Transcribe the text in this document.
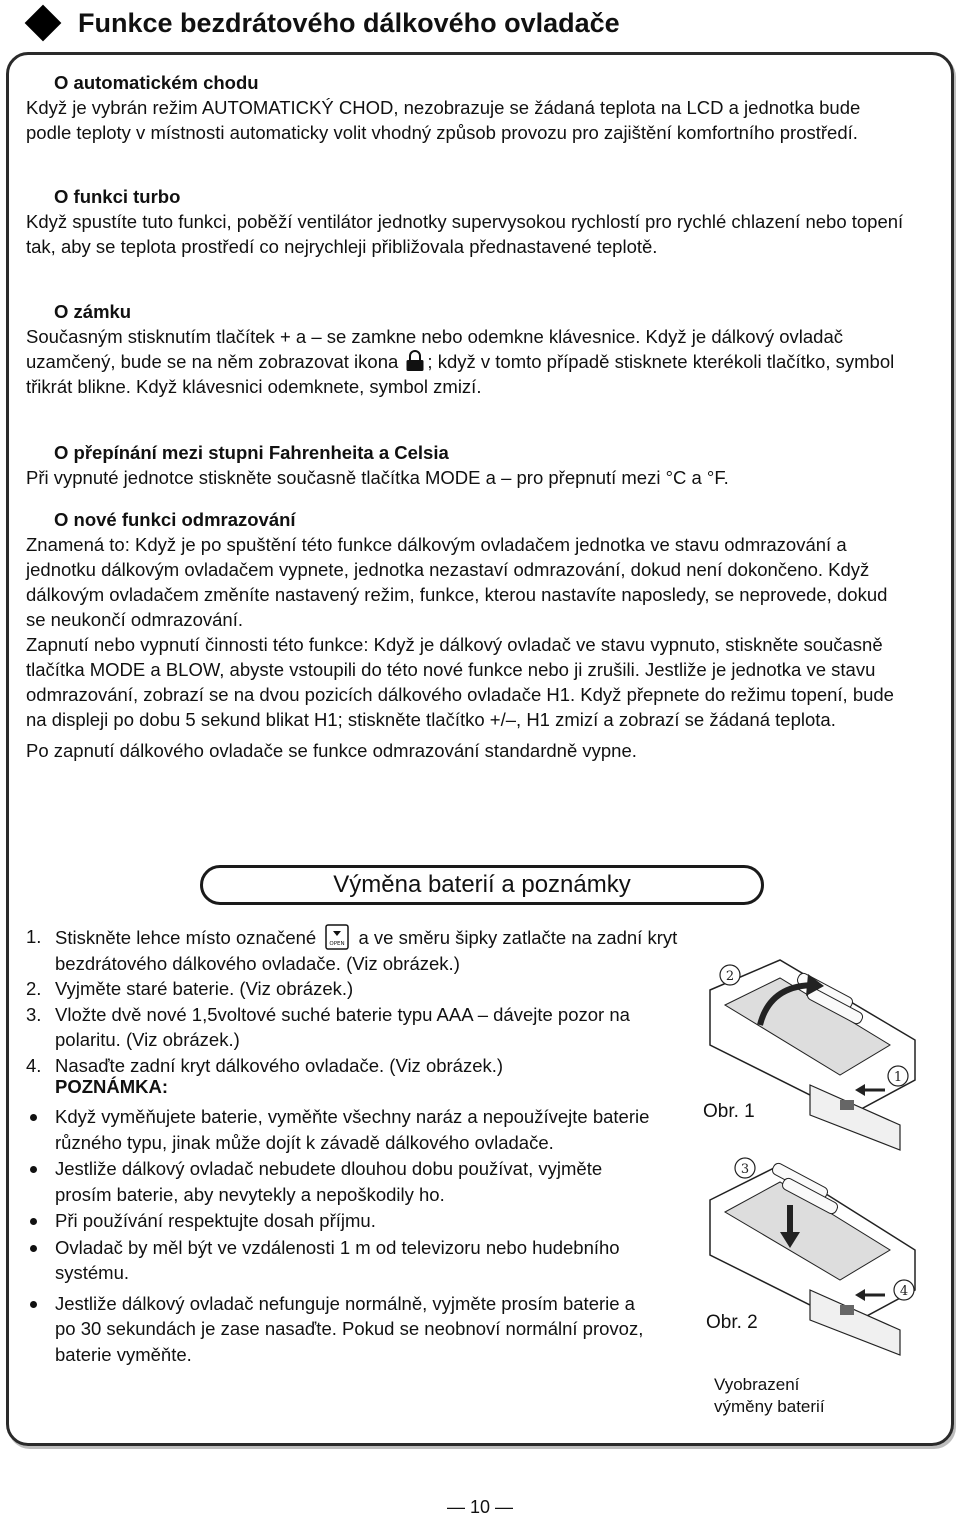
Funkce bezdrátového dálkového ovladače
O automatickém chodu

Když je vybrán režim AUTOMATICKÝ CHOD, nezobrazuje se žádaná teplota na LCD a jednotka bude podle teploty v místnosti automaticky volit vhodný způsob provozu pro zajištění komfortního prostředí.

O funkci turbo

Když spustíte tuto funkci, poběží ventilátor jednotky supervysokou rychlostí pro rychlé chlazení nebo topení tak, aby se teplota prostředí co nejrychleji přibližovala přednastavené teplotě.

O zámku

Současným stisknutím tlačítek + a – se zamkne nebo odemkne klávesnice. Když je dálkový ovladač uzamčený, bude se na něm zobrazovat ikona ; když v tomto případě stisknete kterékoli tlačítko, symbol třikrát blikne. Když klávesnici odemknete, symbol zmizí.

O přepínání mezi stupni Fahrenheita a Celsia

Při vypnuté jednotce stiskněte současně tlačítka MODE a – pro přepnutí mezi °C a °F.

O nové funkci odmrazování

Znamená to: Když je po spuštění této funkce dálkovým ovladačem jednotka ve stavu odmrazování a jednotku dálkovým ovladačem vypnete, jednotka nezastaví odmrazování, dokud není dokončeno. Když dálkovým ovladačem změníte nastavený režim, funkce, kterou nastavíte naposledy, se neprovede, dokud se neukončí odmrazování.

Zapnutí nebo vypnutí činnosti této funkce: Když je dálkový ovladač ve stavu vypnuto, stiskněte současně tlačítka MODE a BLOW, abyste vstoupili do této nové funkce nebo ji zrušili. Jestliže je jednotka ve stavu odmrazování, zobrazí se na dvou pozicích dálkového ovladače H1. Když přepnete do režimu topení, bude na displeji po dobu 5 sekund blikat H1; stiskněte tlačítko +/–, H1 zmizí a zobrazí se žádaná teplota.

Po zapnutí dálkového ovladače se funkce odmrazování standardně vypne.

Výměna baterií a poznámky
1. Stiskněte lehce místo označené OPEN a ve směru šipky zatlačte na zadní kryt bezdrátového dálkového ovladače. (Viz obrázek.)
2. Vyjměte staré baterie. (Viz obrázek.)
3. Vložte dvě nové 1,5voltové suché baterie typu AAA – dávejte pozor na polaritu. (Viz obrázek.)
4. Nasaďte zadní kryt dálkového ovladače. (Viz obrázek.)
POZNÁMKA:
Když vyměňujete baterie, vyměňte všechny naráz a nepoužívejte baterie různého typu, jinak může dojít k závadě dálkového ovladače.
Jestliže dálkový ovladač nebudete dlouhou dobu používat, vyjměte prosím baterie, aby nevytekly a nepoškodily ho.
Při používání respektujte dosah příjmu.
Ovladač by měl být ve vzdálenosti 1 m od televizoru nebo hudebního systému.
Jestliže dálkový ovladač nefunguje normálně, vyjměte prosím baterie a po 30 sekundách je zase nasaďte. Pokud se neobnoví normální provoz, baterie vyměňte.
1
2
3
4
Obr. 1
Obr. 2
Vyobrazení
výměny baterií
— 10 —
